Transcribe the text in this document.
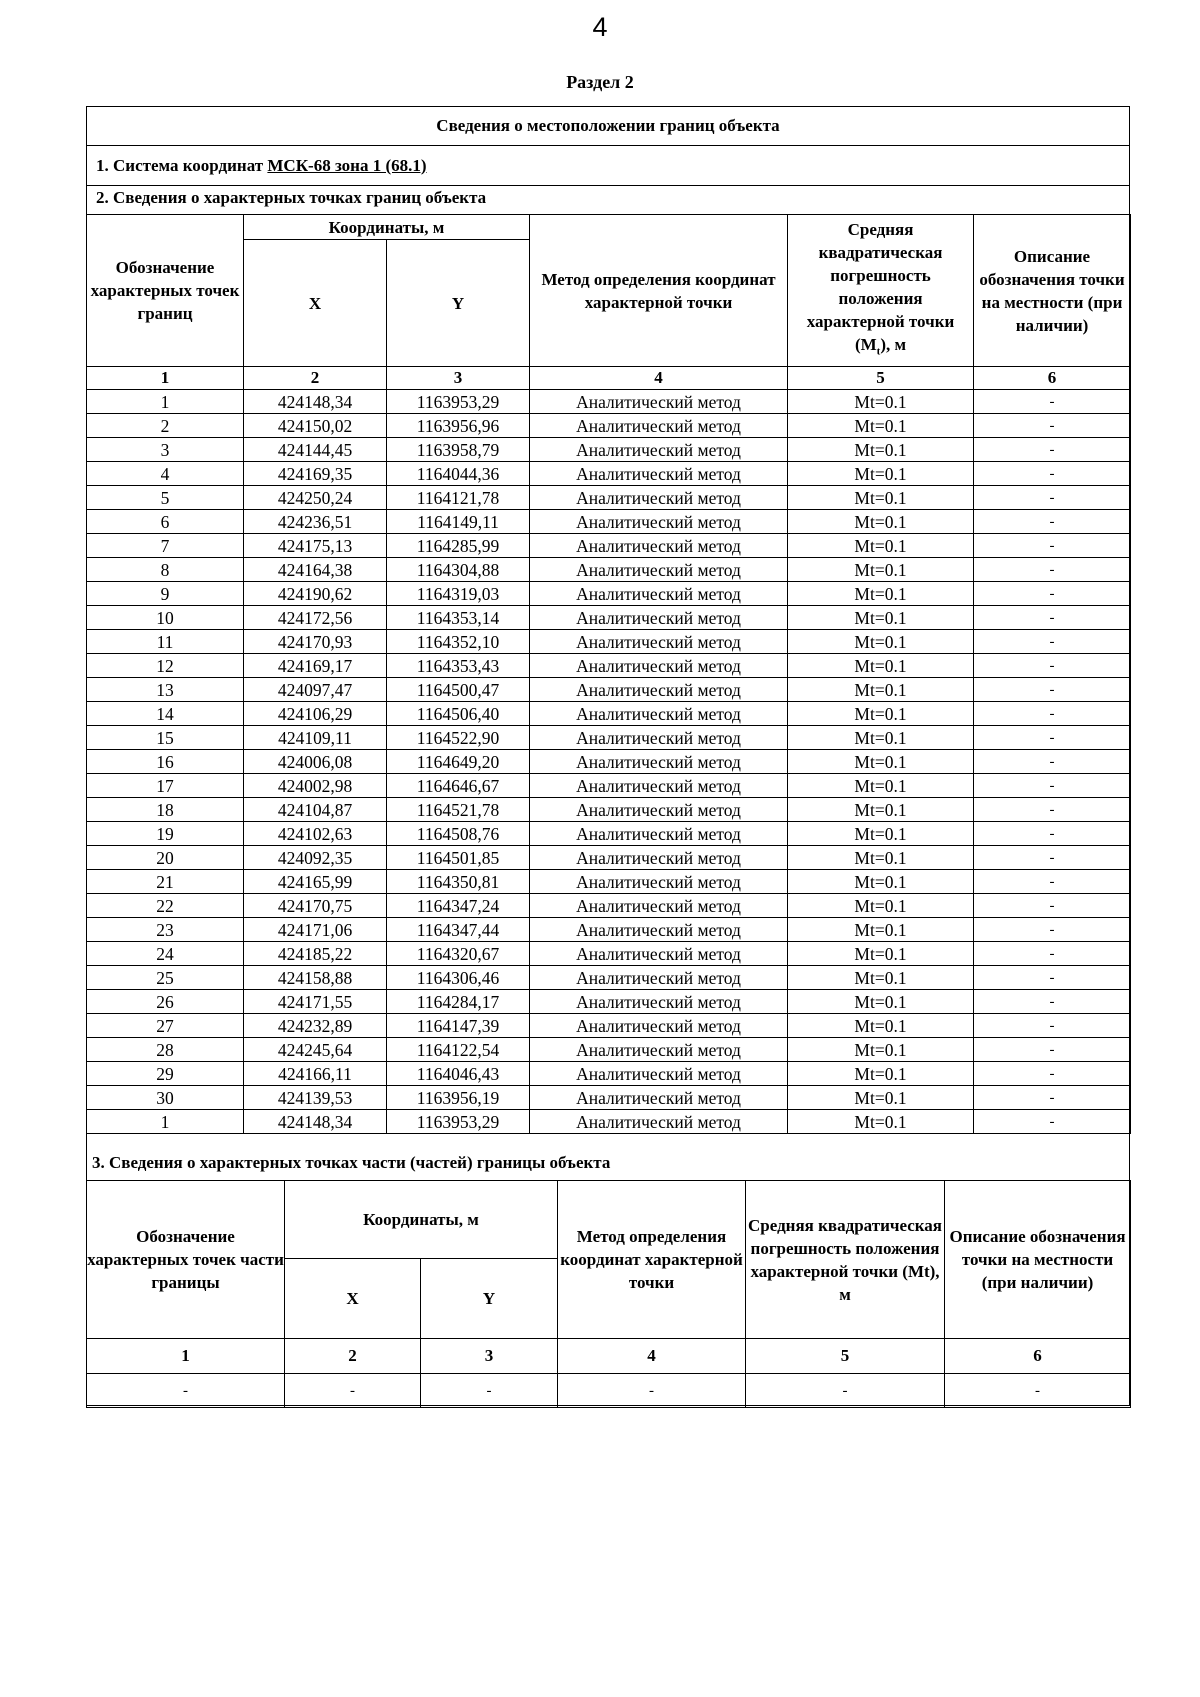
4
Раздел 2
Сведения о местоположении границ объекта
1. Система координат МСК-68 зона 1 (68.1)
2. Сведения о характерных точках границ объекта
Обозначение характерных точек границ	Координаты, м		Метод определения координат характерной точки	Средняя квадратическая погрешность положения характерной точки $(M_t)$, м	Описание обозначения точки на местности (при наличии)
	X	Y			
1	2	3	4	5	6
1	424148,34	1163953,29	Аналитический метод	Mt=0.1	-
2	424150,02	1163956,96	Аналитический метод	Mt=0.1	-
3	424144,45	1163958,79	Аналитический метод	Mt=0.1	-
4	424169,35	1164044,36	Аналитический метод	Mt=0.1	-
5	424250,24	1164121,78	Аналитический метод	Mt=0.1	-
6	424236,51	1164149,11	Аналитический метод	Mt=0.1	-
7	424175,13	1164285,99	Аналитический метод	Mt=0.1	-
8	424164,38	1164304,88	Аналитический метод	Mt=0.1	-
9	424190,62	1164319,03	Аналитический метод	Mt=0.1	-
10	424172,56	1164353,14	Аналитический метод	Mt=0.1	-
11	424170,93	1164352,10	Аналитический метод	Mt=0.1	-
12	424169,17	1164353,43	Аналитический метод	Mt=0.1	-
13	424097,47	1164500,47	Аналитический метод	Mt=0.1	-
14	424106,29	1164506,40	Аналитический метод	Mt=0.1	-
15	424109,11	1164522,90	Аналитический метод	Mt=0.1	-
16	424006,08	1164649,20	Аналитический метод	Mt=0.1	-
17	424002,98	1164646,67	Аналитический метод	Mt=0.1	-
18	424104,87	1164521,78	Аналитический метод	Mt=0.1	-
19	424102,63	1164508,76	Аналитический метод	Mt=0.1	-
20	424092,35	1164501,85	Аналитический метод	Mt=0.1	-
21	424165,99	1164350,81	Аналитический метод	Mt=0.1	-
22	424170,75	1164347,24	Аналитический метод	Mt=0.1	-
23	424171,06	1164347,44	Аналитический метод	Mt=0.1	-
24	424185,22	1164320,67	Аналитический метод	Mt=0.1	-
25	424158,88	1164306,46	Аналитический метод	Mt=0.1	-
26	424171,55	1164284,17	Аналитический метод	Mt=0.1	-
27	424232,89	1164147,39	Аналитический метод	Mt=0.1	-
28	424245,64	1164122,54	Аналитический метод	Mt=0.1	-
29	424166,11	1164046,43	Аналитический метод	Mt=0.1	-
30	424139,53	1163956,19	Аналитический метод	Mt=0.1	-
1	424148,34	1163953,29	Аналитический метод	Mt=0.1	-
3. Сведения о характерных точках части (частей) границы объекта
Обозначение характерных точек части границы	Координаты, м		Метод определения координат характерной точки	Средняя квадратическая погрешность положения характерной точки (Mt), м	Описание обозначения точки на местности (при наличии)
	X	Y			
1	2	3	4	5	6
-	-	-	-	-	-
